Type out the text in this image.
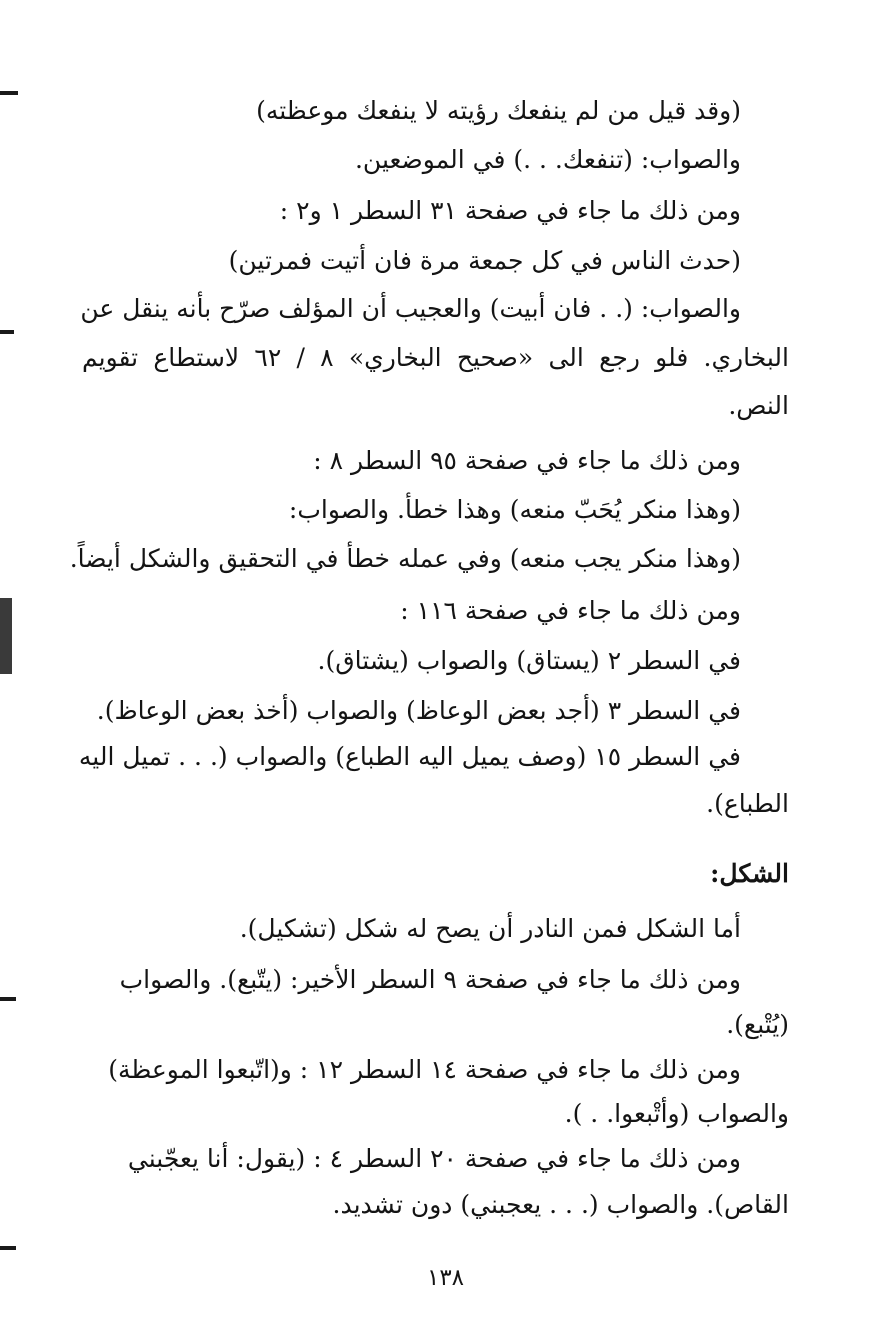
(وقد قيل من لم ينفعك رؤيته لا ينفعك موعظته)
والصواب: (تنفعك. . .) في الموضعين.
ومن ذلك ما جاء في صفحة ٣١ السطر ١ و٢ :
(حدث الناس في كل جمعة مرة فان أتيت فمرتين)
والصواب: (. . فان أبيت) والعجيب أن المؤلف صرّح بأنه ينقل عن
البخاري. فلو رجع الى «صحيح البخاري» ٨ / ٦٢ لاستطاع تقويم
النص.
ومن ذلك ما جاء في صفحة ٩٥ السطر ٨ :
(وهذا منكر يُحَبّ منعه) وهذا خطأ. والصواب:
(وهذا منكر يجب منعه) وفي عمله خطأ في التحقيق والشكل أيضاً.
ومن ذلك ما جاء في صفحة ١١٦ :
في السطر ٢ (يستاق) والصواب (يشتاق).
في السطر ٣ (أجد بعض الوعاظ) والصواب (أخذ بعض الوعاظ).
في السطر ١٥ (وصف يميل اليه الطباع) والصواب (. . . تميل اليه
الطباع).
الشكل:
أما الشكل فمن النادر أن يصح له شكل (تشكيل).
ومن ذلك ما جاء في صفحة ٩ السطر الأخير: (يتّبع). والصواب
(يُتْبع).
ومن ذلك ما جاء في صفحة ١٤ السطر ١٢ : و(اتّبعوا الموعظة)
والصواب (وأتْبعوا. . ).
ومن ذلك ما جاء في صفحة ٢٠ السطر ٤ : (يقول: أنا يعجّبني
القاص). والصواب (. . . يعجبني) دون تشديد.
١٣٨
